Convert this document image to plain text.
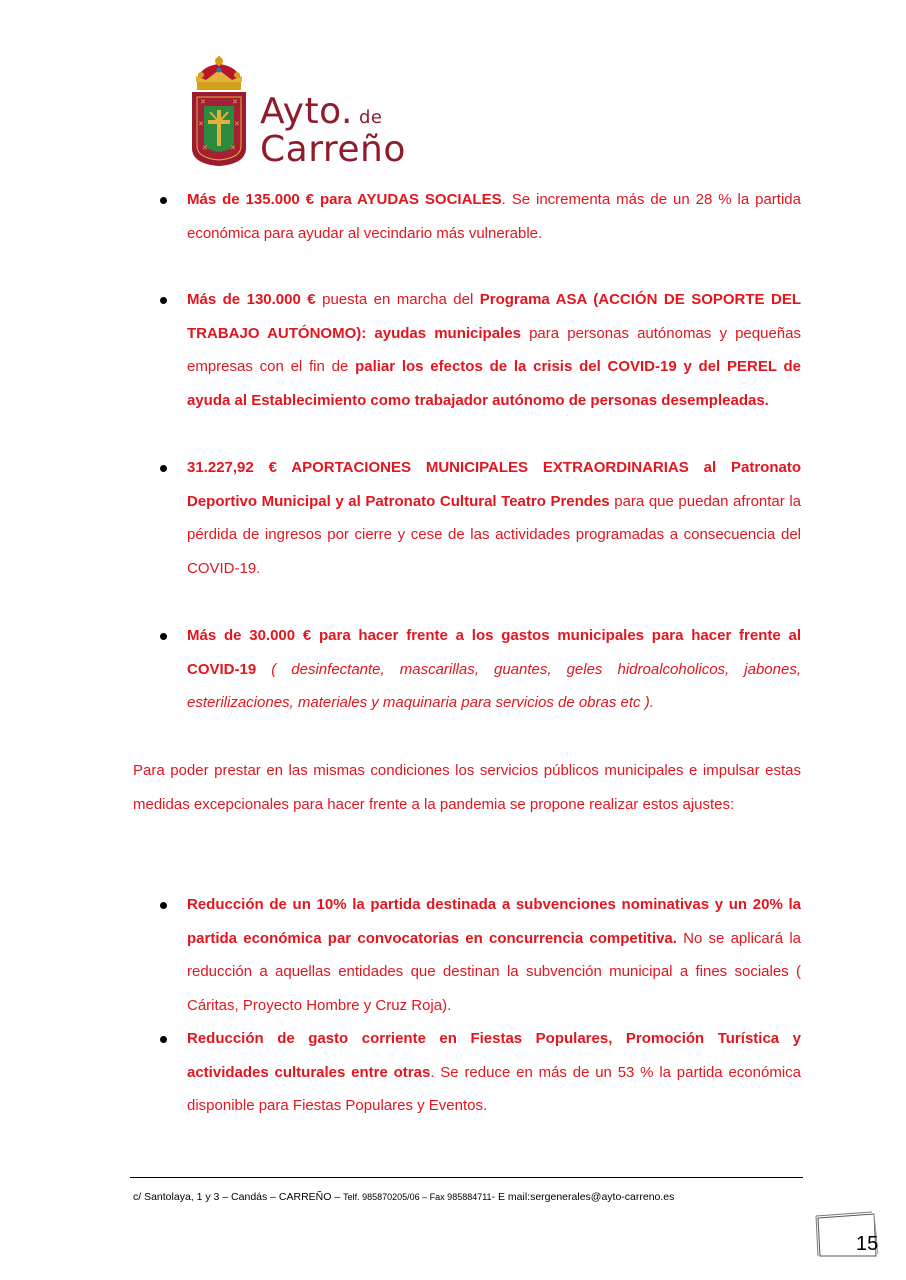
✕	✕
✕	✕
✕	✕
Ayto. de
Carreño
Más de 135.000 € para AYUDAS SOCIALES. Se incrementa más de un 28 % la partida económica para ayudar al vecindario más vulnerable.
Más de 130.000 € puesta en marcha del Programa ASA (ACCIÓN DE SOPORTE DEL TRABAJO AUTÓNOMO): ayudas municipales para personas autónomas y pequeñas empresas con el fin de paliar los efectos de la crisis del COVID-19 y del PEREL de ayuda al Establecimiento como trabajador autónomo de personas desempleadas.
31.227,92 € APORTACIONES MUNICIPALES EXTRAORDINARIAS al Patronato Deportivo Municipal y al Patronato Cultural Teatro Prendes para que puedan afrontar la pérdida de ingresos por cierre y cese de las actividades programadas a consecuencia del COVID-19.
Más de 30.000 € para hacer frente a los gastos municipales para hacer frente al COVID-19 ( desinfectante, mascarillas, guantes, geles hidroalcoholicos, jabones, esterilizaciones, materiales y maquinaria para servicios de obras etc ).
Para poder prestar en las mismas condiciones los servicios públicos municipales e impulsar estas medidas excepcionales para hacer frente a la pandemia se propone realizar estos ajustes:
Reducción de un 10% la partida destinada a subvenciones nominativas y un 20% la partida económica par convocatorias en concurrencia competitiva. No se aplicará la reducción a aquellas entidades que destinan la subvención municipal a fines sociales ( Cáritas, Proyecto Hombre y Cruz Roja).
Reducción de gasto corriente en Fiestas Populares, Promoción Turística y actividades culturales entre otras. Se reduce en más de un 53 % la partida económica disponible para Fiestas Populares y Eventos.
c/ Santolaya, 1 y 3 – Candás – CARREÑO – Telf. 985870205/06 – Fax 985884711- E mail:sergenerales@ayto-carreno.es
15
